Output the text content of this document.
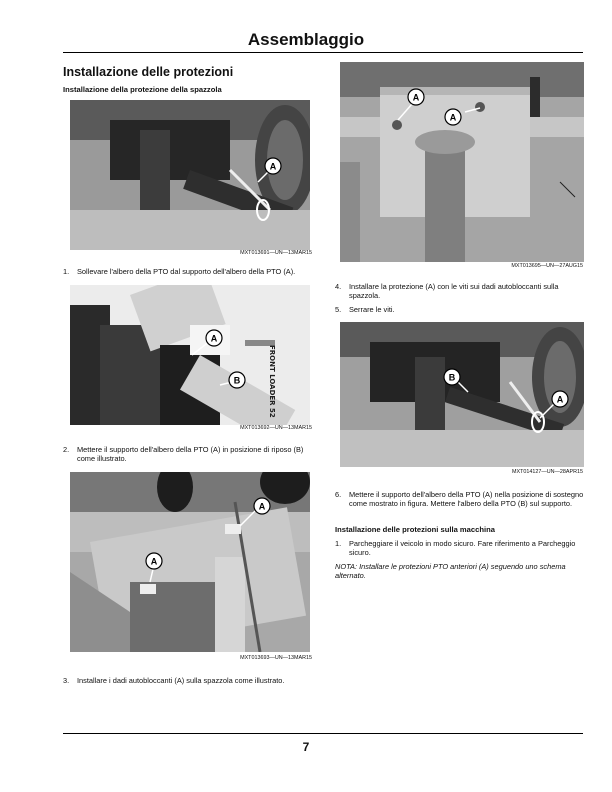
Assemblaggio
Installazione delle protezioni
Installazione della protezione della spazzola
A
MXT013691—UN—13MAR15
1. Sollevare l'albero della PTO dal supporto dell'albero della PTO (A).
FRONT LOADER 52
A
B
MXT013692—UN—13MAR15
2. Mettere il supporto dell'albero della PTO (A) in posizione di riposo (B) come illustrato.
A
A
MXT013693—UN—13MAR15
3. Installare i dadi autobloccanti (A) sulla spazzola come illustrato.
A
A
MXT013695—UN—27AUG15
4. Installare la protezione (A) con le viti sui dadi autobloccanti sulla spazzola.
5. Serrare le viti.
B
A
MXT014127—UN—28APR15
6. Mettere il supporto dell'albero della PTO (A) nella posizione di sostegno come mostrato in figura. Mettere l'albero della PTO (B) sul supporto.
Installazione delle protezioni sulla macchina
1. Parcheggiare il veicolo in modo sicuro. Fare riferimento a Parcheggio sicuro.
NOTA: Installare le protezioni PTO anteriori (A) seguendo uno schema alternato.
7
